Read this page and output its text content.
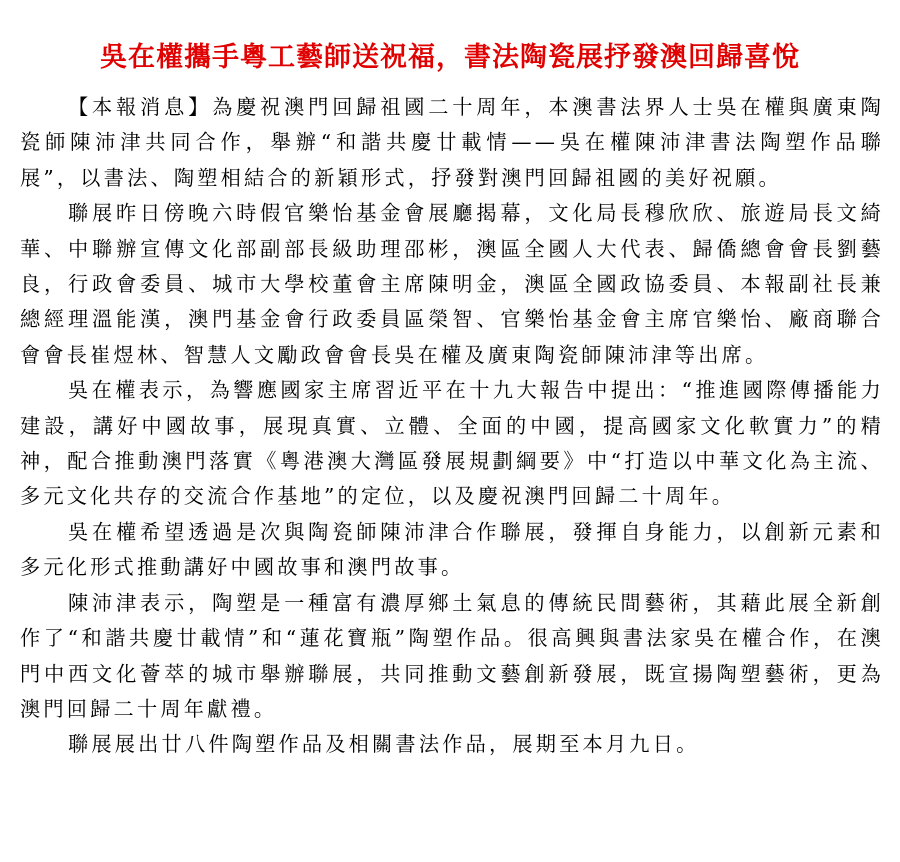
吳在權攜手粵工藝師送祝福，書法陶瓷展抒發澳回歸喜悅

【本報消息】為慶祝澳門回歸祖國二十周年，本澳書法界人士吳在權與廣東陶瓷師陳沛津共同合作，舉辦“和諧共慶廿載情——吳在權陳沛津書法陶塑作品聯展”，以書法、陶塑相結合的新穎形式，抒發對澳門回歸祖國的美好祝願。

聯展昨日傍晚六時假官樂怡基金會展廳揭幕，文化局長穆欣欣、旅遊局長文綺華、中聯辦宣傳文化部副部長級助理邵彬，澳區全國人大代表、歸僑總會會長劉藝良，行政會委員、城市大學校董會主席陳明金，澳區全國政協委員、本報副社長兼總經理溫能漢，澳門基金會行政委員區榮智、官樂怡基金會主席官樂怡、廠商聯合會會長崔煜林、智慧人文勵政會會長吳在權及廣東陶瓷師陳沛津等出席。

吳在權表示，為響應國家主席習近平在十九大報告中提出：“推進國際傳播能力建設，講好中國故事，展現真實、立體、全面的中國，提高國家文化軟實力”的精神，配合推動澳門落實《粵港澳大灣區發展規劃綱要》中“打造以中華文化為主流、多元文化共存的交流合作基地”的定位，以及慶祝澳門回歸二十周年。

吳在權希望透過是次與陶瓷師陳沛津合作聯展，發揮自身能力，以創新元素和多元化形式推動講好中國故事和澳門故事。

陳沛津表示，陶塑是一種富有濃厚鄉土氣息的傳統民間藝術，其藉此展全新創作了“和諧共慶廿載情”和“蓮花寶瓶”陶塑作品。很高興與書法家吳在權合作，在澳門中西文化薈萃的城市舉辦聯展，共同推動文藝創新發展，既宣揚陶塑藝術，更為澳門回歸二十周年獻禮。

聯展展出廿八件陶塑作品及相關書法作品，展期至本月九日。
